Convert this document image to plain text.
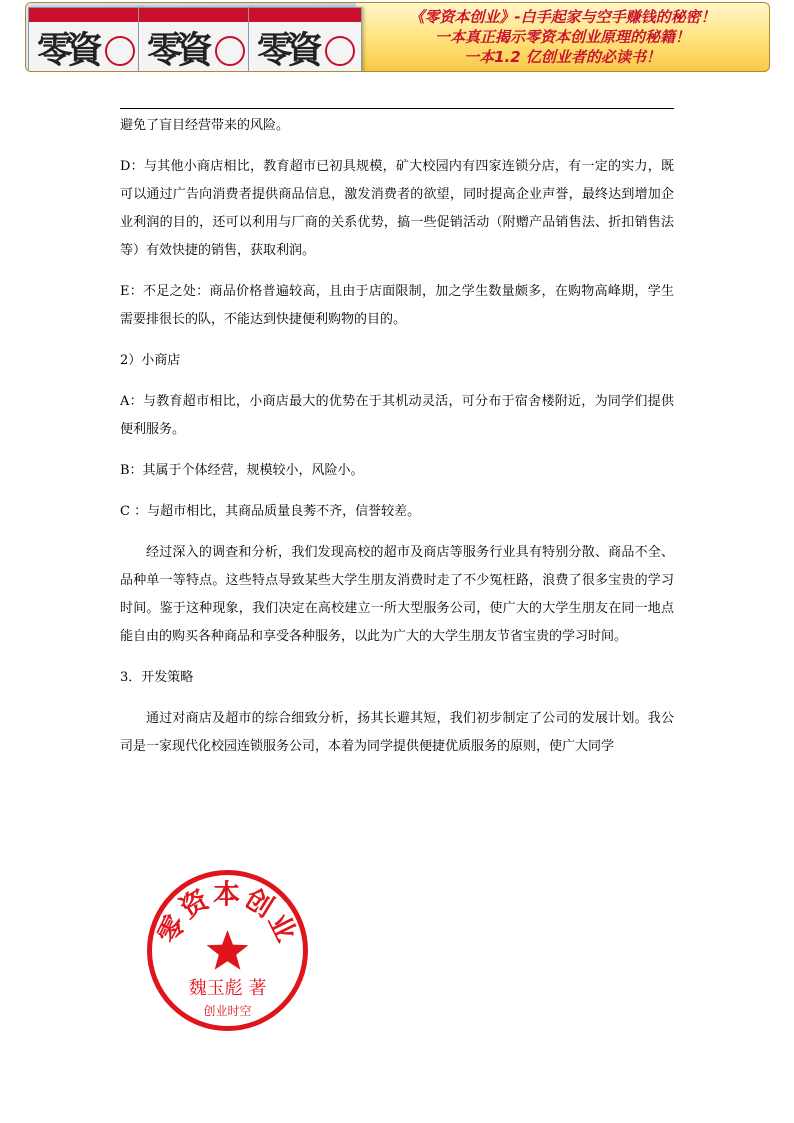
零資 零資 零資
《零资本创业》-白手起家与空手赚钱的秘密！
一本真正揭示零资本创业原理的秘籍！
一本1.2 亿创业者的必读书！

避免了盲目经营带来的风险。

D：与其他小商店相比，教育超市已初具规模，矿大校园内有四家连锁分店，有一定的实力，既可以通过广告向消费者提供商品信息，激发消费者的欲望，同时提高企业声誉，最终达到增加企业利润的目的，还可以利用与厂商的关系优势，搞一些促销活动（附赠产品销售法、折扣销售法等）有效快捷的销售，获取利润。

E：不足之处：商品价格普遍较高，且由于店面限制，加之学生数量颇多，在购物高峰期，学生需要排很长的队，不能达到快捷便利购物的目的。

2）小商店

A：与教育超市相比，小商店最大的优势在于其机动灵活，可分布于宿舍楼附近，为同学们提供便利服务。

B：其属于个体经营，规模较小，风险小。

C ：与超市相比，其商品质量良莠不齐，信誉较差。

经过深入的调查和分析，我们发现高校的超市及商店等服务行业具有特别分散、商品不全、品种单一等特点。这些特点导致某些大学生朋友消费时走了不少冤枉路，浪费了很多宝贵的学习时间。鉴于这种现象，我们决定在高校建立一所大型服务公司，使广大的大学生朋友在同一地点能自由的购买各种商品和享受各种服务，以此为广大的大学生朋友节省宝贵的学习时间。

3．开发策略

通过对商店及超市的综合细致分析，扬其长避其短，我们初步制定了公司的发展计划。我公司是一家现代化校园连锁服务公司，本着为同学提供便捷优质服务的原则，使广大同学

零资本创业
魏玉彪 著
创业时空
